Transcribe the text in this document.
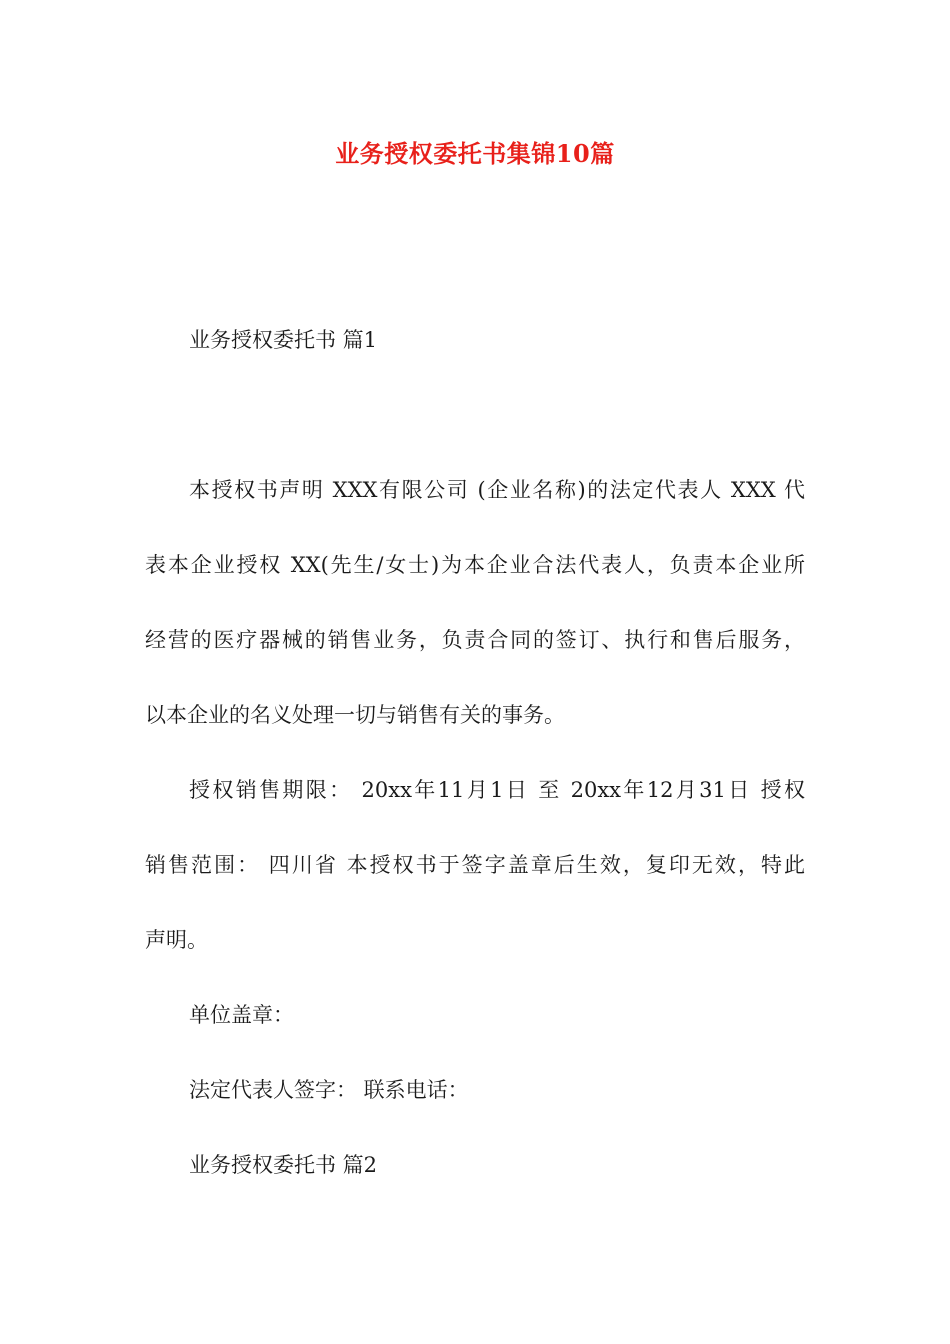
业务授权委托书集锦10篇
业务授权委托书 篇1
本授权书声明 XXX有限公司 (企业名称)的法定代表人 XXX 代
表本企业授权 XX(先生/女士)为本企业合法代表人，负责本企业所
经营的医疗器械的销售业务，负责合同的签订、执行和售后服务，
以本企业的名义处理一切与销售有关的事务。
授权销售期限： 20xx年11月1日 至 20xx年12月31日 授权
销售范围： 四川省 本授权书于签字盖章后生效，复印无效，特此
声明。
单位盖章：
法定代表人签字： 联系电话：
业务授权委托书 篇2
